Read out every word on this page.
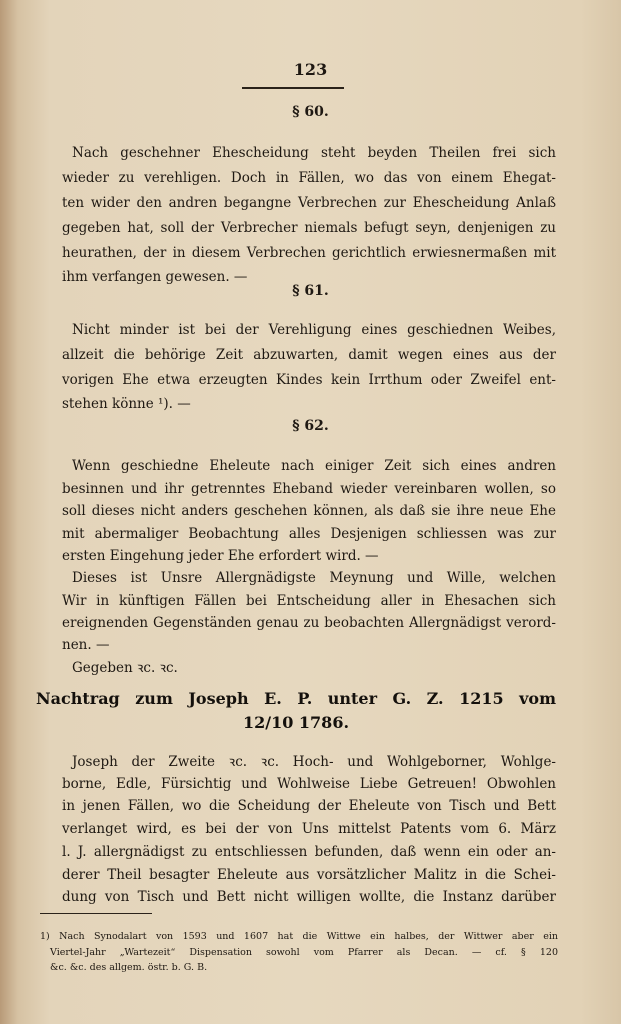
123
§ 60.
Nach geschehner Ehescheidung steht beyden Theilen frei sich
wieder zu verehligen. Doch in Fällen, wo das von einem Ehegat-
ten wider den andren begangne Verbrechen zur Ehescheidung Anlaß
gegeben hat, soll der Verbrecher niemals befugt seyn, denjenigen zu
heurathen, der in diesem Verbrechen gerichtlich erwiesnermaßen mit
ihm verfangen gewesen. —
§ 61.
Nicht minder ist bei der Verehligung eines geschiednen Weibes,
allzeit die behörige Zeit abzuwarten, damit wegen eines aus der
vorigen Ehe etwa erzeugten Kindes kein Irrthum oder Zweifel ent-
stehen könne ¹). —
§ 62.
Wenn geschiedne Eheleute nach einiger Zeit sich eines andren
besinnen und ihr getrenntes Eheband wieder vereinbaren wollen, so
soll dieses nicht anders geschehen können, als daß sie ihre neue Ehe
mit abermaliger Beobachtung alles Desjenigen schliessen was zur
ersten Eingehung jeder Ehe erfordert wird. —
Dieses ist Unsre Allergnädigste Meynung und Wille, welchen
Wir in künftigen Fällen bei Entscheidung aller in Ehesachen sich
ereignenden Gegenständen genau zu beobachten Allergnädigst verord-
nen. —
Gegeben ꝛc. ꝛc.
Nachtrag zum Joseph E. P. unter G. Z. 1215 vom
12/10 1786.
Joseph der Zweite ꝛc. ꝛc. Hoch- und Wohlgeborner, Wohlge-
borne, Edle, Fürsichtig und Wohlweise Liebe Getreuen! Obwohlen
in jenen Fällen, wo die Scheidung der Eheleute von Tisch und Bett
verlanget wird, es bei der von Uns mittelst Patents vom 6. März
l. J. allergnädigst zu entschliessen befunden, daß wenn ein oder an-
derer Theil besagter Eheleute aus vorsätzlicher Malitz in die Schei-
dung von Tisch und Bett nicht willigen wollte, die Instanz darüber
1) Nach Synodalart von 1593 und 1607 hat die Wittwe ein halbes, der Wittwer aber ein
Viertel-Jahr „Wartezeit“ Dispensation sowohl vom Pfarrer als Decan. — cf. § 120
&c. &c. des allgem. östr. b. G. B.
